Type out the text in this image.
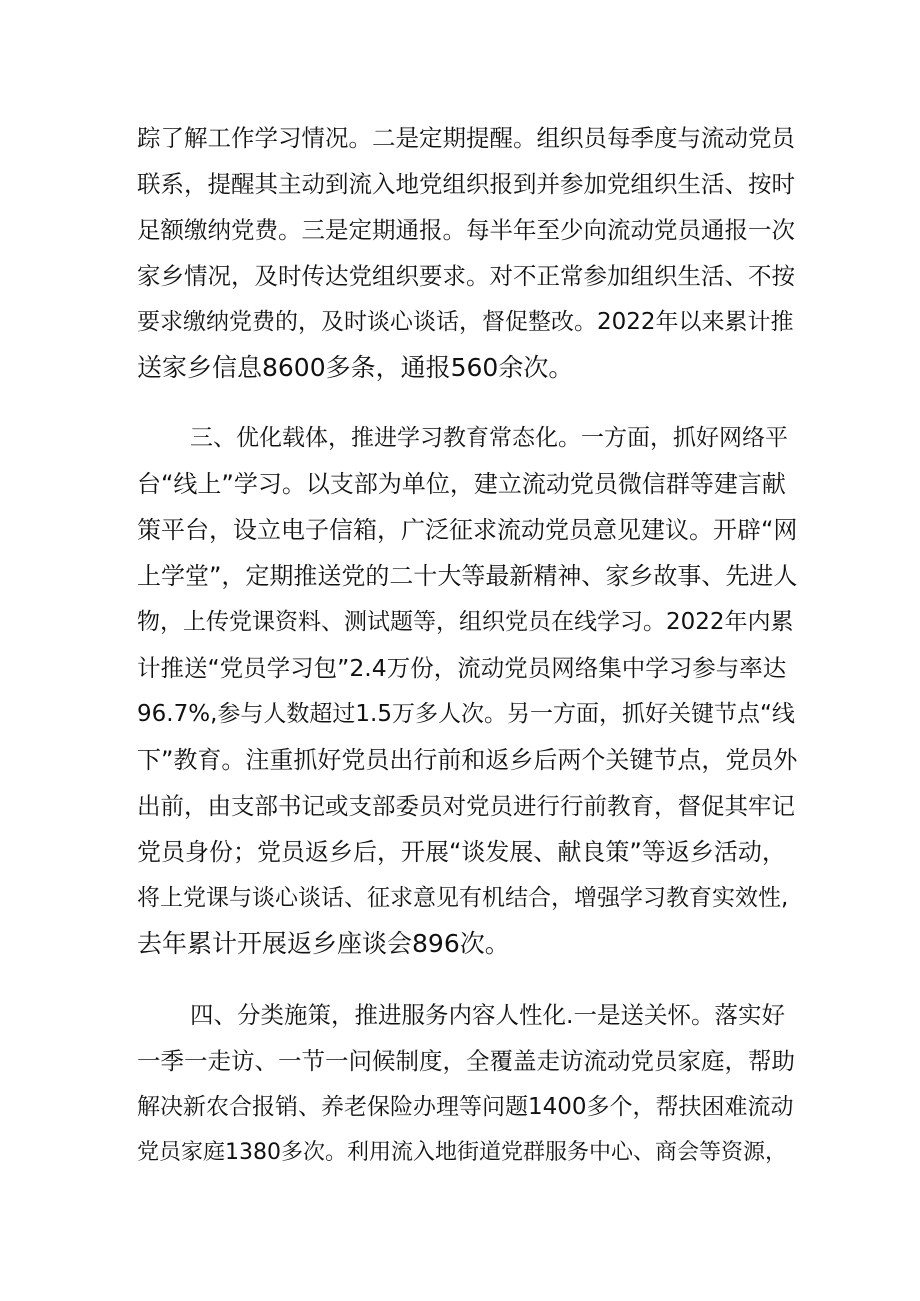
踪了解工作学习情况。二是定期提醒。组织员每季度与流动党员
联系，提醒其主动到流入地党组织报到并参加党组织生活、按时
足额缴纳党费。三是定期通报。每半年至少向流动党员通报一次
家乡情况，及时传达党组织要求。对不正常参加组织生活、不按
要求缴纳党费的，及时谈心谈话，督促整改。2022年以来累计推
送家乡信息8600多条，通报560余次。
三、优化载体，推进学习教育常态化。一方面，抓好网络平
台“线上”学习。以支部为单位，建立流动党员微信群等建言献
策平台，设立电子信箱，广泛征求流动党员意见建议。开辟“网
上学堂”，定期推送党的二十大等最新精神、家乡故事、先进人
物，上传党课资料、测试题等，组织党员在线学习。2022年内累
计推送“党员学习包”2.4万份，流动党员网络集中学习参与率达
96.7%,参与人数超过1.5万多人次。另一方面，抓好关键节点“线
下”教育。注重抓好党员出行前和返乡后两个关键节点，党员外
出前，由支部书记或支部委员对党员进行行前教育，督促其牢记
党员身份；党员返乡后，开展“谈发展、献良策”等返乡活动，
将上党课与谈心谈话、征求意见有机结合，增强学习教育实效性,
去年累计开展返乡座谈会896次。
四、分类施策，推进服务内容人性化.一是送关怀。落实好
一季一走访、一节一问候制度，全覆盖走访流动党员家庭，帮助
解决新农合报销、养老保险办理等问题1400多个，帮扶困难流动
党员家庭1380多次。利用流入地街道党群服务中心、商会等资源，
